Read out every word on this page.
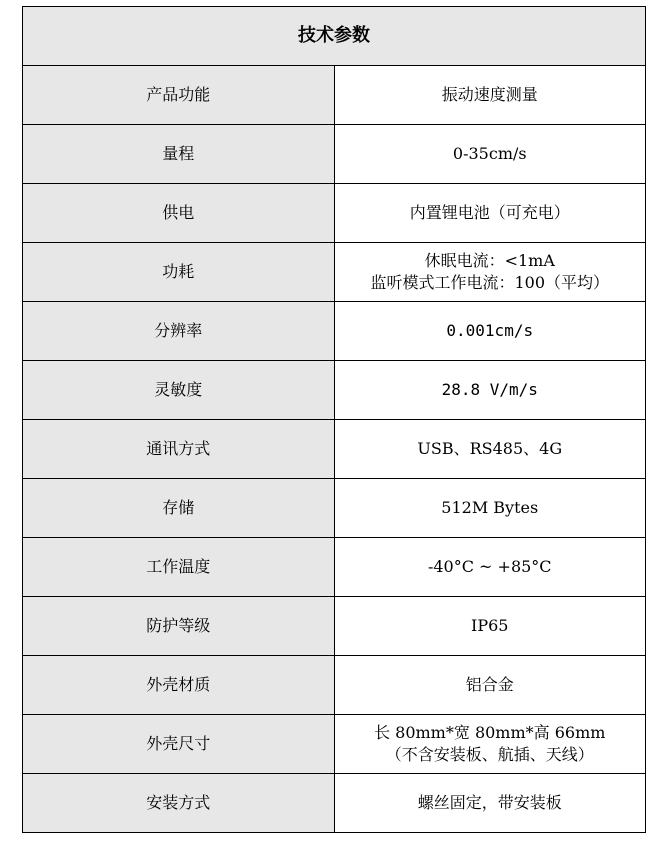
技术参数	
产品功能	振动速度测量

量程	0-35cm/s

供电	内置锂电池（可充电）

功耗	休眠电流：<1mA
监听模式工作电流：100（平均）

分辨率	0.001cm/s

灵敏度	28.8 V/m/s

通讯方式	USB、RS485、4G

存储	512M Bytes

工作温度	-40°C ~ +85°C

防护等级	IP65

外壳材质	铝合金

外壳尺寸	长 80mm*宽 80mm*高 66mm
（不含安装板、航插、天线）

安装方式	螺丝固定，带安装板
